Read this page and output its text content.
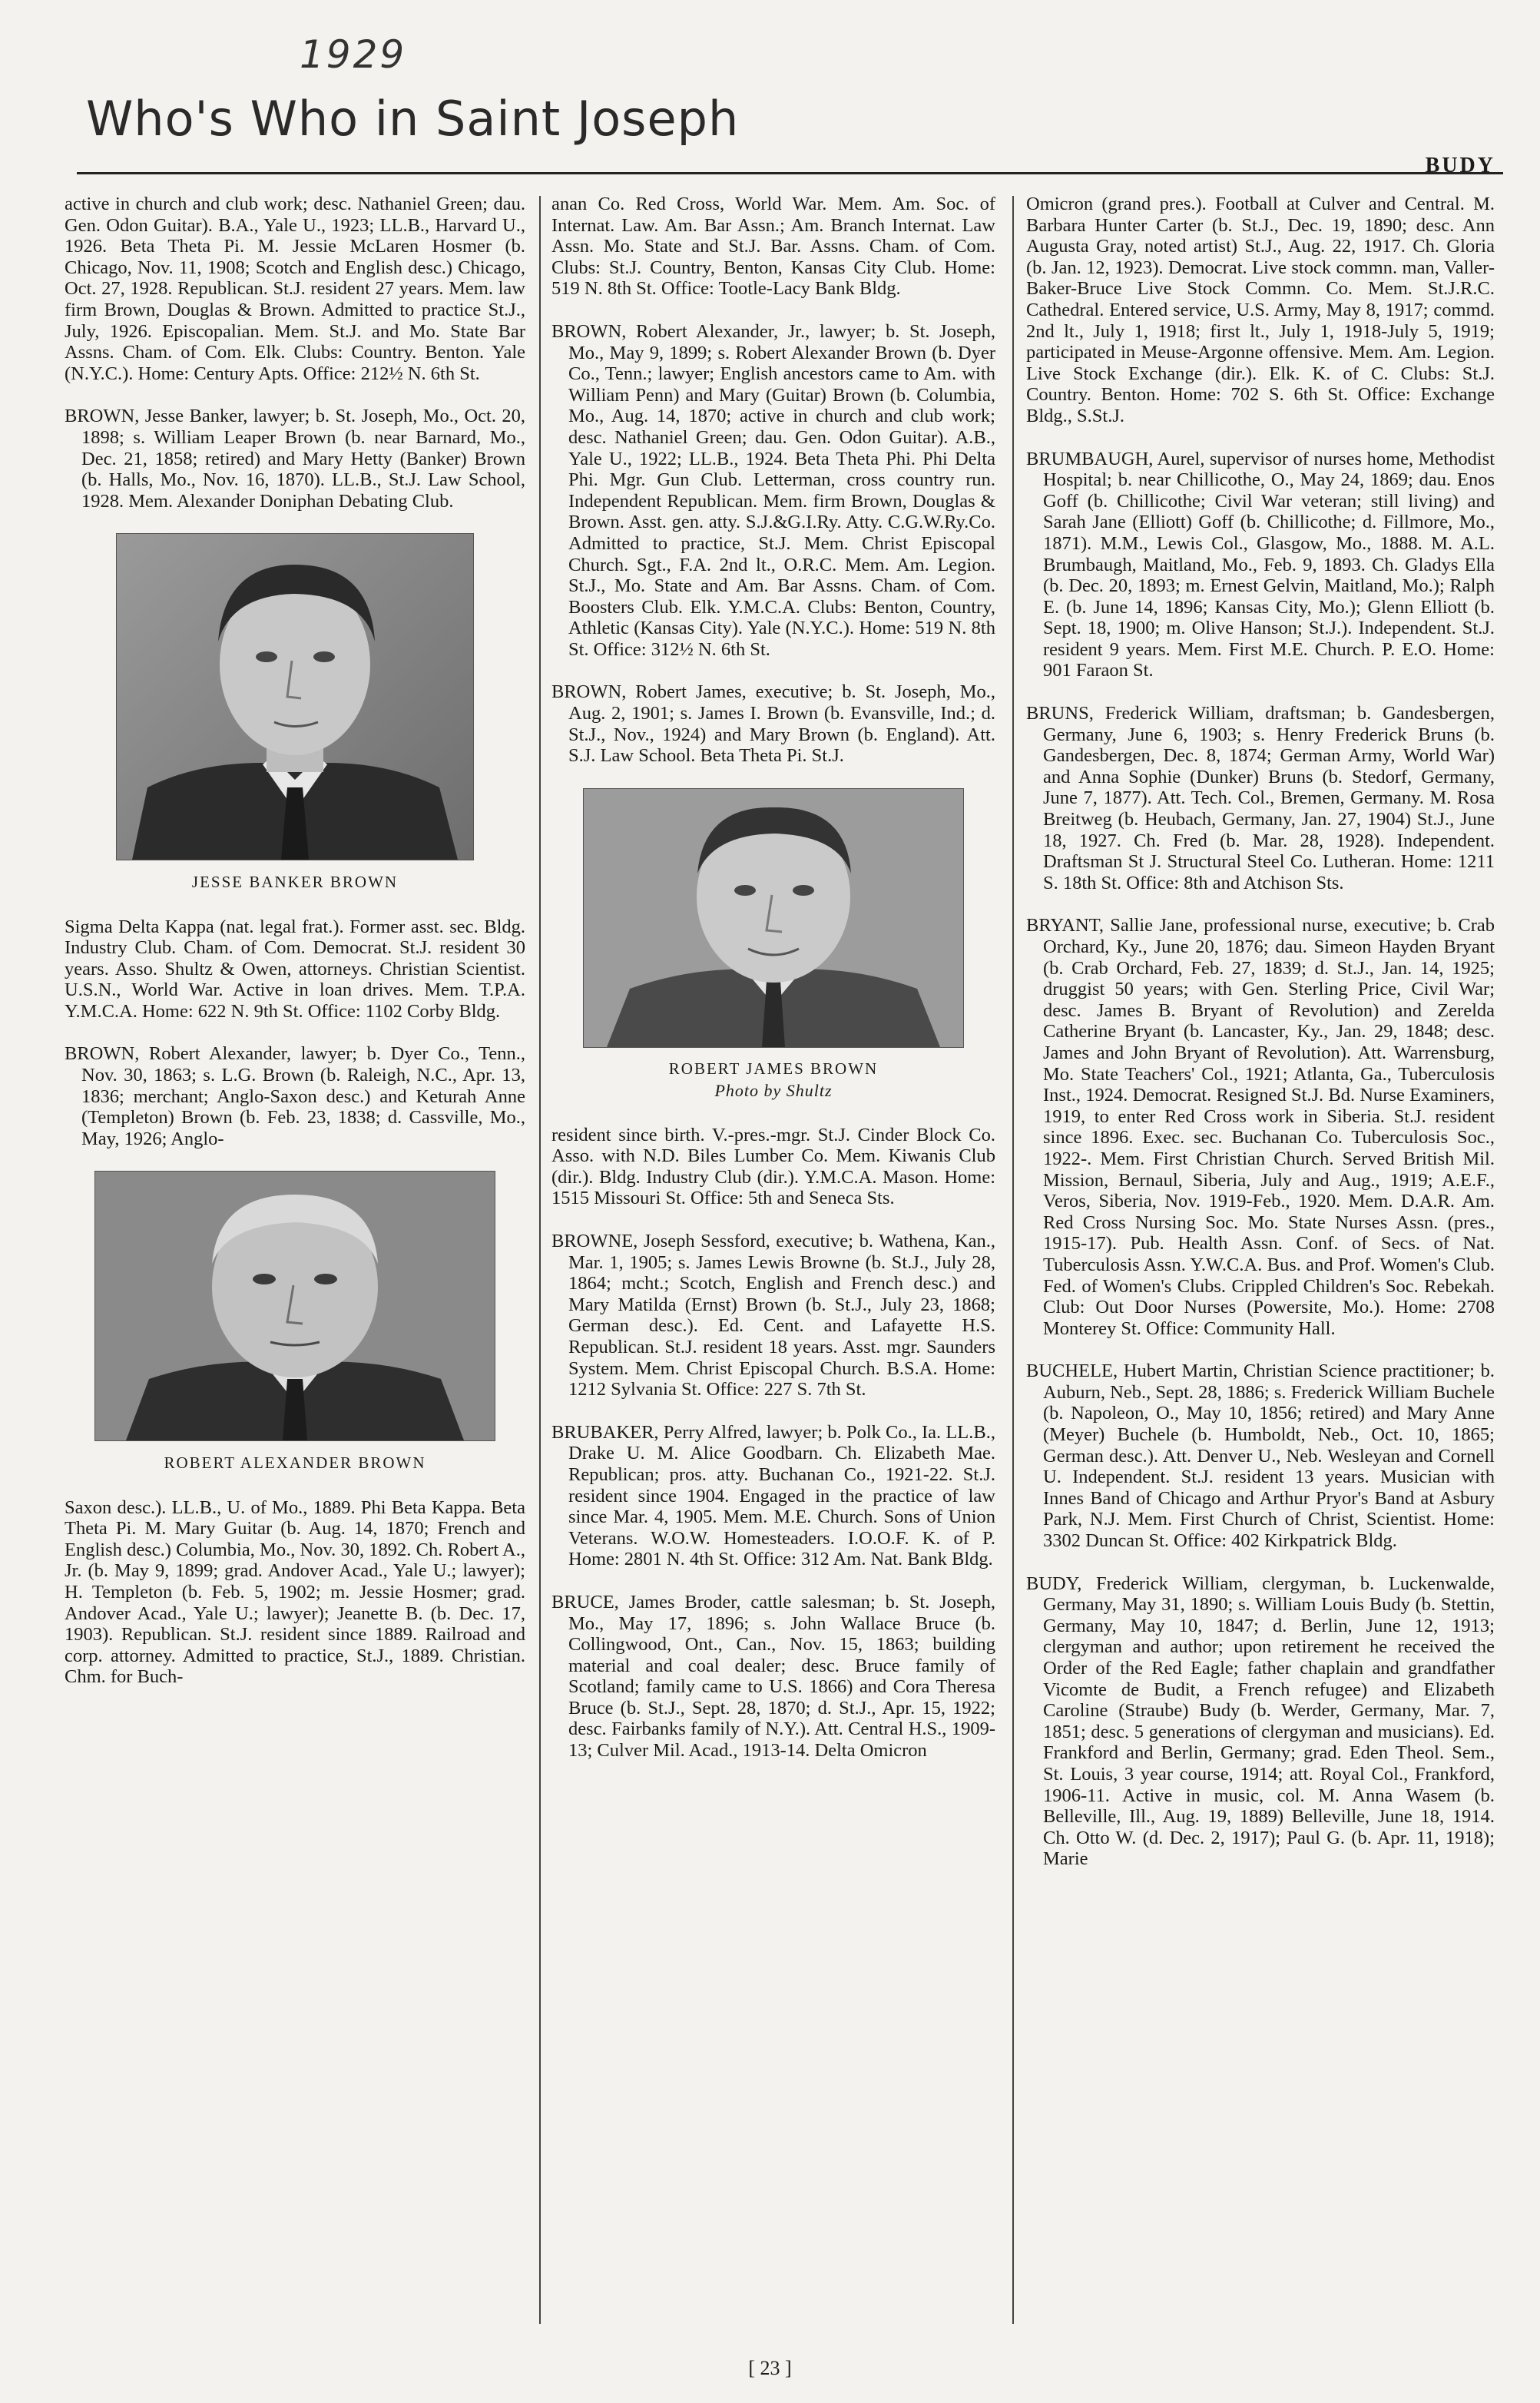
1929
Who's Who in Saint Joseph
BUDY

active in church and club work; desc. Nathaniel Green; dau. Gen. Odon Guitar). B.A., Yale U., 1923; LL.B., Harvard U., 1926. Beta Theta Pi. M. Jessie McLaren Hosmer (b. Chicago, Nov. 11, 1908; Scotch and English desc.) Chicago, Oct. 27, 1928. Republican. St.J. resident 27 years. Mem. law firm Brown, Douglas & Brown. Admitted to practice St.J., July, 1926. Episcopalian. Mem. St.J. and Mo. State Bar Assns. Cham. of Com. Elk. Clubs: Country. Benton. Yale (N.Y.C.). Home: Century Apts. Office: 212½ N. 6th St.

BROWN, Jesse Banker, lawyer; b. St. Joseph, Mo., Oct. 20, 1898; s. William Leaper Brown (b. near Barnard, Mo., Dec. 21, 1858; retired) and Mary Hetty (Banker) Brown (b. Halls, Mo., Nov. 16, 1870). LL.B., St.J. Law School, 1928. Mem. Alexander Doniphan Debating Club.

JESSE BANKER BROWN

Sigma Delta Kappa (nat. legal frat.). Former asst. sec. Bldg. Industry Club. Cham. of Com. Democrat. St.J. resident 30 years. Asso. Shultz & Owen, attorneys. Christian Scientist. U.S.N., World War. Active in loan drives. Mem. T.P.A. Y.M.C.A. Home: 622 N. 9th St. Office: 1102 Corby Bldg.

BROWN, Robert Alexander, lawyer; b. Dyer Co., Tenn., Nov. 30, 1863; s. L.G. Brown (b. Raleigh, N.C., Apr. 13, 1836; merchant; Anglo-Saxon desc.) and Keturah Anne (Templeton) Brown (b. Feb. 23, 1838; d. Cassville, Mo., May, 1926; Anglo-

ROBERT ALEXANDER BROWN

Saxon desc.). LL.B., U. of Mo., 1889. Phi Beta Kappa. Beta Theta Pi. M. Mary Guitar (b. Aug. 14, 1870; French and English desc.) Columbia, Mo., Nov. 30, 1892. Ch. Robert A., Jr. (b. May 9, 1899; grad. Andover Acad., Yale U.; lawyer); H. Templeton (b. Feb. 5, 1902; m. Jessie Hosmer; grad. Andover Acad., Yale U.; lawyer); Jeanette B. (b. Dec. 17, 1903). Republican. St.J. resident since 1889. Railroad and corp. attorney. Admitted to practice, St.J., 1889. Christian. Chm. for Buch-

anan Co. Red Cross, World War. Mem. Am. Soc. of Internat. Law. Am. Bar Assn.; Am. Branch Internat. Law Assn. Mo. State and St.J. Bar. Assns. Cham. of Com. Clubs: St.J. Country, Benton, Kansas City Club. Home: 519 N. 8th St. Office: Tootle-Lacy Bank Bldg.

BROWN, Robert Alexander, Jr., lawyer; b. St. Joseph, Mo., May 9, 1899; s. Robert Alexander Brown (b. Dyer Co., Tenn.; lawyer; English ancestors came to Am. with William Penn) and Mary (Guitar) Brown (b. Columbia, Mo., Aug. 14, 1870; active in church and club work; desc. Nathaniel Green; dau. Gen. Odon Guitar). A.B., Yale U., 1922; LL.B., 1924. Beta Theta Phi. Phi Delta Phi. Mgr. Gun Club. Letterman, cross country run. Independent Republican. Mem. firm Brown, Douglas & Brown. Asst. gen. atty. S.J.&G.I.Ry. Atty. C.G.W.Ry.Co. Admitted to practice, St.J. Mem. Christ Episcopal Church. Sgt., F.A. 2nd lt., O.R.C. Mem. Am. Legion. St.J., Mo. State and Am. Bar Assns. Cham. of Com. Boosters Club. Elk. Y.M.C.A. Clubs: Benton, Country, Athletic (Kansas City). Yale (N.Y.C.). Home: 519 N. 8th St. Office: 312½ N. 6th St.

BROWN, Robert James, executive; b. St. Joseph, Mo., Aug. 2, 1901; s. James I. Brown (b. Evansville, Ind.; d. St.J., Nov., 1924) and Mary Brown (b. England). Att. S.J. Law School. Beta Theta Pi. St.J.

ROBERT JAMES BROWN
Photo by Shultz

resident since birth. V.-pres.-mgr. St.J. Cinder Block Co. Asso. with N.D. Biles Lumber Co. Mem. Kiwanis Club (dir.). Bldg. Industry Club (dir.). Y.M.C.A. Mason. Home: 1515 Missouri St. Office: 5th and Seneca Sts.

BROWNE, Joseph Sessford, executive; b. Wathena, Kan., Mar. 1, 1905; s. James Lewis Browne (b. St.J., July 28, 1864; mcht.; Scotch, English and French desc.) and Mary Matilda (Ernst) Brown (b. St.J., July 23, 1868; German desc.). Ed. Cent. and Lafayette H.S. Republican. St.J. resident 18 years. Asst. mgr. Saunders System. Mem. Christ Episcopal Church. B.S.A. Home: 1212 Sylvania St. Office: 227 S. 7th St.

BRUBAKER, Perry Alfred, lawyer; b. Polk Co., Ia. LL.B., Drake U. M. Alice Goodbarn. Ch. Elizabeth Mae. Republican; pros. atty. Buchanan Co., 1921-22. St.J. resident since 1904. Engaged in the practice of law since Mar. 4, 1905. Mem. M.E. Church. Sons of Union Veterans. W.O.W. Homesteaders. I.O.O.F. K. of P. Home: 2801 N. 4th St. Office: 312 Am. Nat. Bank Bldg.

BRUCE, James Broder, cattle salesman; b. St. Joseph, Mo., May 17, 1896; s. John Wallace Bruce (b. Collingwood, Ont., Can., Nov. 15, 1863; building material and coal dealer; desc. Bruce family of Scotland; family came to U.S. 1866) and Cora Theresa Bruce (b. St.J., Sept. 28, 1870; d. St.J., Apr. 15, 1922; desc. Fairbanks family of N.Y.). Att. Central H.S., 1909-13; Culver Mil. Acad., 1913-14. Delta Omicron

Omicron (grand pres.). Football at Culver and Central. M. Barbara Hunter Carter (b. St.J., Dec. 19, 1890; desc. Ann Augusta Gray, noted artist) St.J., Aug. 22, 1917. Ch. Gloria (b. Jan. 12, 1923). Democrat. Live stock commn. man, Valler-Baker-Bruce Live Stock Commn. Co. Mem. St.J.R.C. Cathedral. Entered service, U.S. Army, May 8, 1917; commd. 2nd lt., July 1, 1918; first lt., July 1, 1918-July 5, 1919; participated in Meuse-Argonne offensive. Mem. Am. Legion. Live Stock Exchange (dir.). Elk. K. of C. Clubs: St.J. Country. Benton. Home: 702 S. 6th St. Office: Exchange Bldg., S.St.J.

BRUMBAUGH, Aurel, supervisor of nurses home, Methodist Hospital; b. near Chillicothe, O., May 24, 1869; dau. Enos Goff (b. Chillicothe; Civil War veteran; still living) and Sarah Jane (Elliott) Goff (b. Chillicothe; d. Fillmore, Mo., 1871). M.M., Lewis Col., Glasgow, Mo., 1888. M. A.L. Brumbaugh, Maitland, Mo., Feb. 9, 1893. Ch. Gladys Ella (b. Dec. 20, 1893; m. Ernest Gelvin, Maitland, Mo.); Ralph E. (b. June 14, 1896; Kansas City, Mo.); Glenn Elliott (b. Sept. 18, 1900; m. Olive Hanson; St.J.). Independent. St.J. resident 9 years. Mem. First M.E. Church. P. E.O. Home: 901 Faraon St.

BRUNS, Frederick William, draftsman; b. Gandesbergen, Germany, June 6, 1903; s. Henry Frederick Bruns (b. Gandesbergen, Dec. 8, 1874; German Army, World War) and Anna Sophie (Dunker) Bruns (b. Stedorf, Germany, June 7, 1877). Att. Tech. Col., Bremen, Germany. M. Rosa Breitweg (b. Heubach, Germany, Jan. 27, 1904) St.J., June 18, 1927. Ch. Fred (b. Mar. 28, 1928). Independent. Draftsman St J. Structural Steel Co. Lutheran. Home: 1211 S. 18th St. Office: 8th and Atchison Sts.

BRYANT, Sallie Jane, professional nurse, executive; b. Crab Orchard, Ky., June 20, 1876; dau. Simeon Hayden Bryant (b. Crab Orchard, Feb. 27, 1839; d. St.J., Jan. 14, 1925; druggist 50 years; with Gen. Sterling Price, Civil War; desc. James B. Bryant of Revolution) and Zerelda Catherine Bryant (b. Lancaster, Ky., Jan. 29, 1848; desc. James and John Bryant of Revolution). Att. Warrensburg, Mo. State Teachers' Col., 1921; Atlanta, Ga., Tuberculosis Inst., 1924. Democrat. Resigned St.J. Bd. Nurse Examiners, 1919, to enter Red Cross work in Siberia. St.J. resident since 1896. Exec. sec. Buchanan Co. Tuberculosis Soc., 1922-. Mem. First Christian Church. Served British Mil. Mission, Bernaul, Siberia, July and Aug., 1919; A.E.F., Veros, Siberia, Nov. 1919-Feb., 1920. Mem. D.A.R. Am. Red Cross Nursing Soc. Mo. State Nurses Assn. (pres., 1915-17). Pub. Health Assn. Conf. of Secs. of Nat. Tuberculosis Assn. Y.W.C.A. Bus. and Prof. Women's Club. Fed. of Women's Clubs. Crippled Children's Soc. Rebekah. Club: Out Door Nurses (Powersite, Mo.). Home: 2708 Monterey St. Office: Community Hall.

BUCHELE, Hubert Martin, Christian Science practitioner; b. Auburn, Neb., Sept. 28, 1886; s. Frederick William Buchele (b. Napoleon, O., May 10, 1856; retired) and Mary Anne (Meyer) Buchele (b. Humboldt, Neb., Oct. 10, 1865; German desc.). Att. Denver U., Neb. Wesleyan and Cornell U. Independent. St.J. resident 13 years. Musician with Innes Band of Chicago and Arthur Pryor's Band at Asbury Park, N.J. Mem. First Church of Christ, Scientist. Home: 3302 Duncan St. Office: 402 Kirkpatrick Bldg.

BUDY, Frederick William, clergyman, b. Luckenwalde, Germany, May 31, 1890; s. William Louis Budy (b. Stettin, Germany, May 10, 1847; d. Berlin, June 12, 1913; clergyman and author; upon retirement he received the Order of the Red Eagle; father chaplain and grandfather Vicomte de Budit, a French refugee) and Elizabeth Caroline (Straube) Budy (b. Werder, Germany, Mar. 7, 1851; desc. 5 generations of clergyman and musicians). Ed. Frankford and Berlin, Germany; grad. Eden Theol. Sem., St. Louis, 3 year course, 1914; att. Royal Col., Frankford, 1906-11. Active in music, col. M. Anna Wasem (b. Belleville, Ill., Aug. 19, 1889) Belleville, June 18, 1914. Ch. Otto W. (d. Dec. 2, 1917); Paul G. (b. Apr. 11, 1918); Marie

[ 23 ]
